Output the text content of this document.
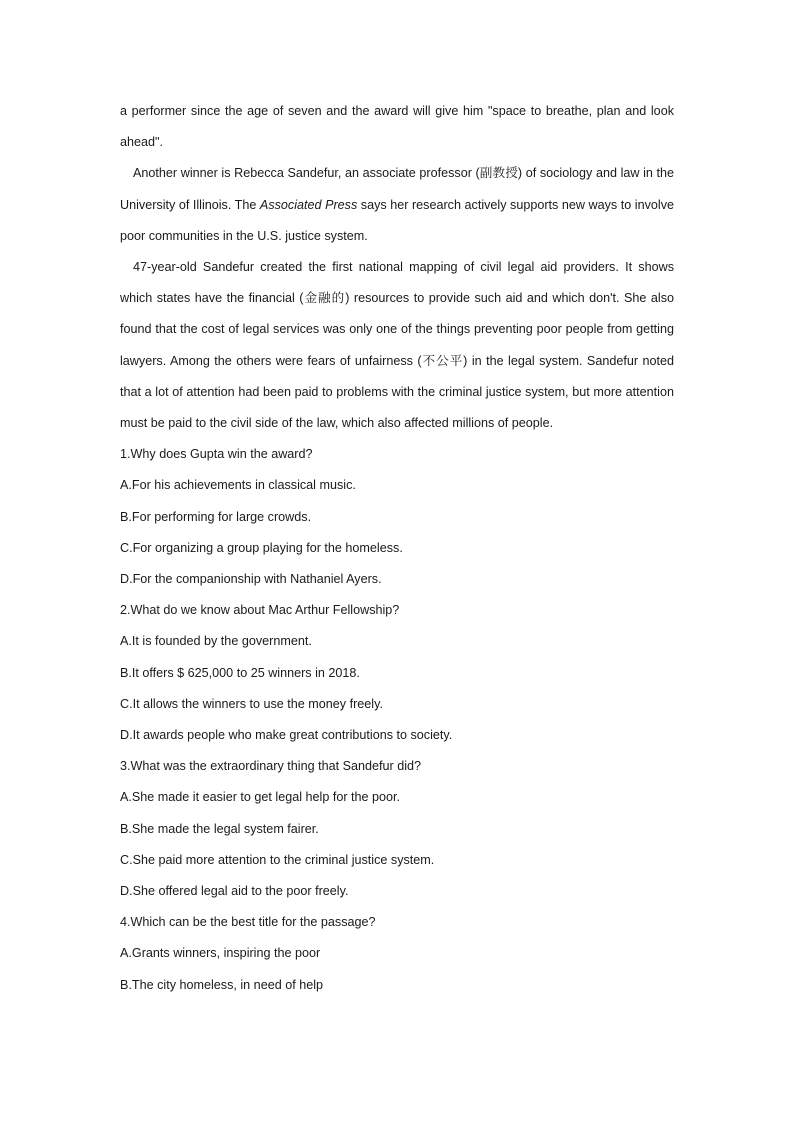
a performer since the age of seven and the award will give him "space to breathe, plan and look ahead".

Another winner is Rebecca Sandefur, an associate professor (副教授) of sociology and law in the University of Illinois. The Associated Press says her research actively supports new ways to involve poor communities in the U.S. justice system.

47-year-old Sandefur created the first national mapping of civil legal aid providers. It shows which states have the financial (金融的) resources to provide such aid and which don't. She also found that the cost of legal services was only one of the things preventing poor people from getting lawyers. Among the others were fears of unfairness (不公平) in the legal system. Sandefur noted that a lot of attention had been paid to problems with the criminal justice system, but more attention must be paid to the civil side of the law, which also affected millions of people.

1.Why does Gupta win the award?

A.For his achievements in classical music.

B.For performing for large crowds.

C.For organizing a group playing for the homeless.

D.For the companionship with Nathaniel Ayers.

2.What do we know about Mac Arthur Fellowship?

A.It is founded by the government.

B.It offers $ 625,000 to 25 winners in 2018.

C.It allows the winners to use the money freely.

D.It awards people who make great contributions to society.

3.What was the extraordinary thing that Sandefur did?

A.She made it easier to get legal help for the poor.

B.She made the legal system fairer.

C.She paid more attention to the criminal justice system.

D.She offered legal aid to the poor freely.

4.Which can be the best title for the passage?

A.Grants winners, inspiring the poor

B.The city homeless, in need of help
